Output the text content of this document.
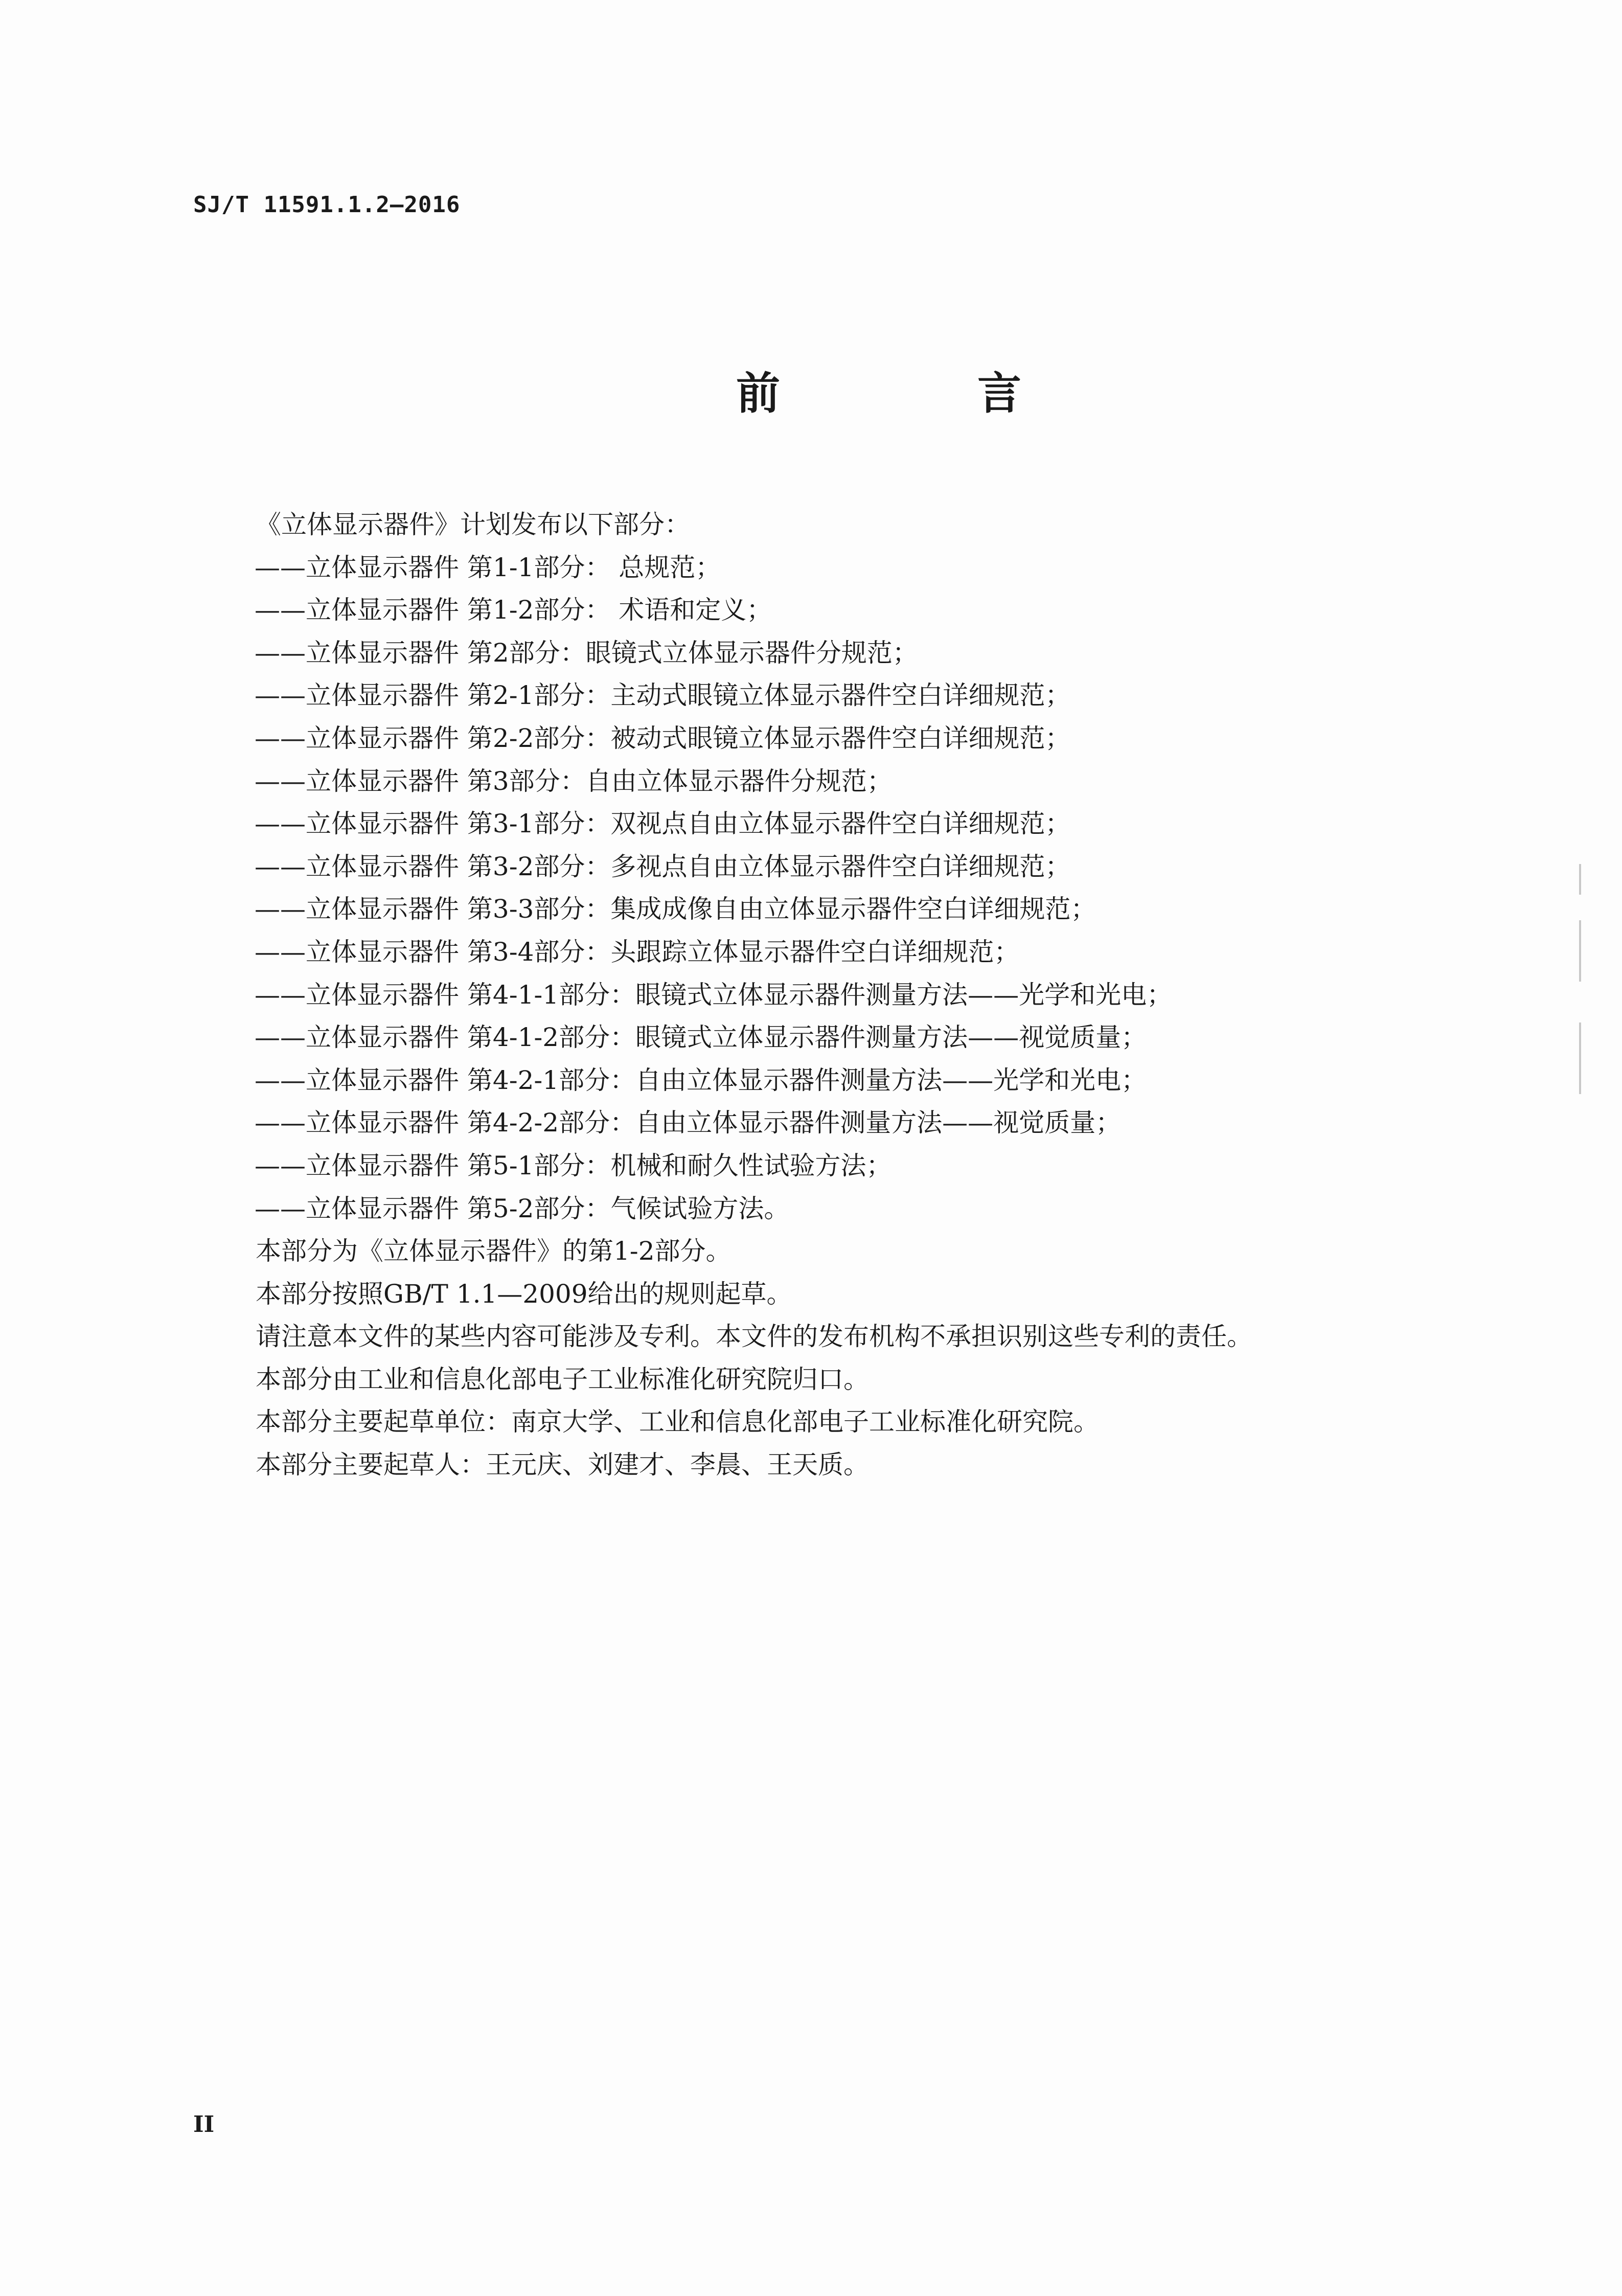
SJ/T 11591.1.2—2016
前　言
《立体显示器件》计划发布以下部分：
——立体显示器件 第1-1部分： 总规范；
——立体显示器件 第1-2部分： 术语和定义；
——立体显示器件 第2部分：眼镜式立体显示器件分规范；
——立体显示器件 第2-1部分：主动式眼镜立体显示器件空白详细规范；
——立体显示器件 第2-2部分：被动式眼镜立体显示器件空白详细规范；
——立体显示器件 第3部分：自由立体显示器件分规范；
——立体显示器件 第3-1部分：双视点自由立体显示器件空白详细规范；
——立体显示器件 第3-2部分：多视点自由立体显示器件空白详细规范；
——立体显示器件 第3-3部分：集成成像自由立体显示器件空白详细规范；
——立体显示器件 第3-4部分：头跟踪立体显示器件空白详细规范；
——立体显示器件 第4-1-1部分：眼镜式立体显示器件测量方法——光学和光电；
——立体显示器件 第4-1-2部分：眼镜式立体显示器件测量方法——视觉质量；
——立体显示器件 第4-2-1部分：自由立体显示器件测量方法——光学和光电；
——立体显示器件 第4-2-2部分：自由立体显示器件测量方法——视觉质量；
——立体显示器件 第5-1部分：机械和耐久性试验方法；
——立体显示器件 第5-2部分：气候试验方法。
本部分为《立体显示器件》的第1-2部分。
本部分按照GB/T 1.1—2009给出的规则起草。
请注意本文件的某些内容可能涉及专利。本文件的发布机构不承担识别这些专利的责任。
本部分由工业和信息化部电子工业标准化研究院归口。
本部分主要起草单位：南京大学、工业和信息化部电子工业标准化研究院。
本部分主要起草人：王元庆、刘建才、李晨、王天质。
II
